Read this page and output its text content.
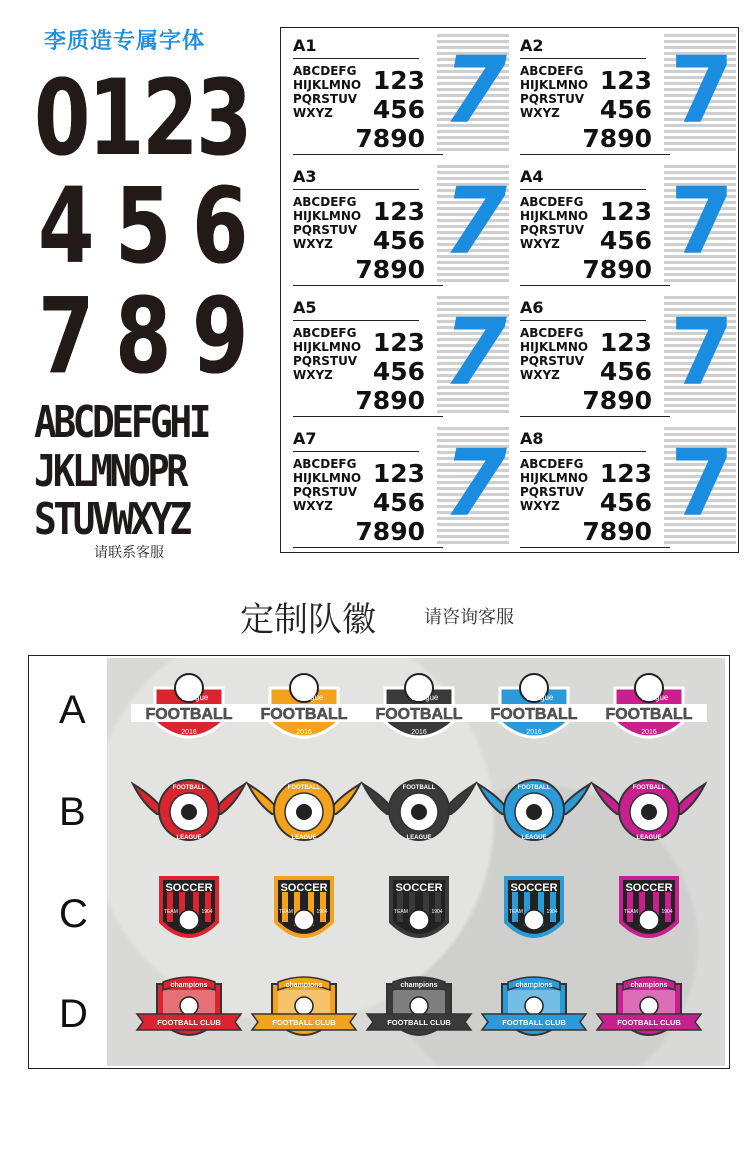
李质造专属字体
0 1 2 3
4 5 6
7 8 9
ABCDEFGHI
JKLMNOPR
STUVWXYZ
请联系客服
A1
ABCDEFG
HIJKLMNO
PQRSTUV
WXYZ
123
456
7890 7 A2
ABCDEFG
HIJKLMNO
PQRSTUV
WXYZ
123
456
7890 7
A3
ABCDEFG
HIJKLMNO
PQRSTUV
WXYZ
123
456
7890 7 A4
ABCDEFG
HIJKLMNO
PQRSTUV
WXYZ
123
456
7890 7
A5
ABCDEFG
HIJKLMNO
PQRSTUV
WXYZ
123
456
7890 7 A6
ABCDEFG
HIJKLMNO
PQRSTUV
WXYZ
123
456
7890 7
A7
ABCDEFG
HIJKLMNO
PQRSTUV
WXYZ
123
456
7890 7 A8
ABCDEFG
HIJKLMNO
PQRSTUV
WXYZ
123
456
7890 7
定制队徽	请咨询客服
A	FOOTBALL
League
2016
FOOTBALL
League
2016
FOOTBALL
League
2016
FOOTBALL
League
2016
FOOTBALL
League
2016
B
FOOTBALL
LEAGUE
FOOTBALL
LEAGUE
FOOTBALL
LEAGUE
FOOTBALL
LEAGUE
FOOTBALL
LEAGUE
C
SOCCER
TEAM	1904
SOCCER
TEAM	1904
SOCCER
TEAM	1904
SOCCER
TEAM	1904
SOCCER
TEAM	1904
D
champions
FOOTBALL CLUB
champions
FOOTBALL CLUB
champions
FOOTBALL CLUB
champions
FOOTBALL CLUB
champions
FOOTBALL CLUB
